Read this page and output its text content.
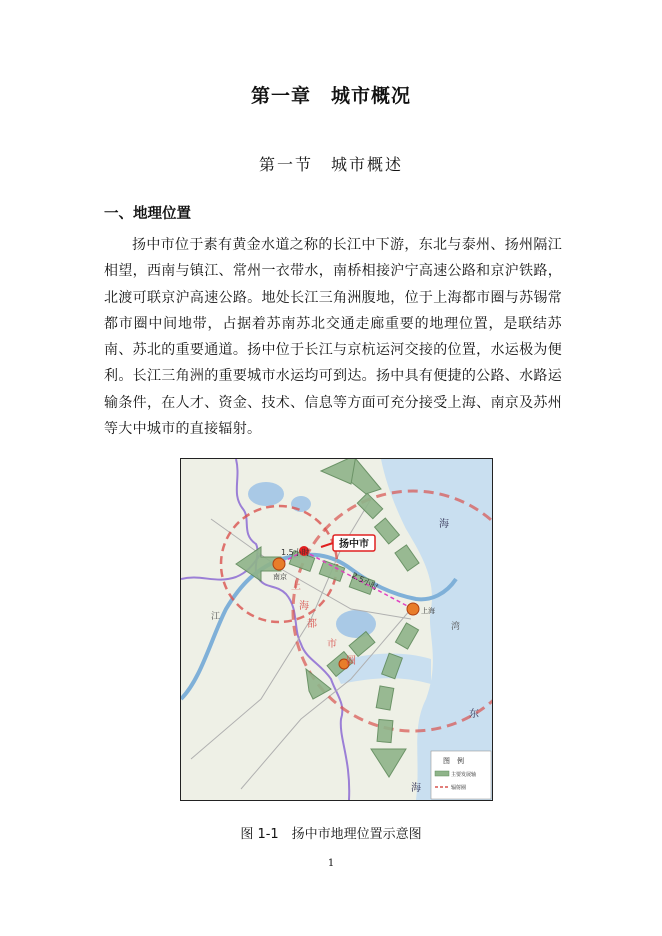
第一章　城市概况
第一节　城市概述
一、地理位置
扬中市位于素有黄金水道之称的长江中下游，东北与泰州、扬州隔江相望，西南与镇江、常州一衣带水，南桥相接沪宁高速公路和京沪铁路，北渡可联京沪高速公路。地处长江三角洲腹地，位于上海都市圈与苏锡常都市圈中间地带，占据着苏南苏北交通走廊重要的地理位置，是联结苏南、苏北的重要通道。扬中位于长江与京杭运河交接的位置，水运极为便利。长江三角洲的重要城市水运均可到达。扬中具有便捷的公路、水路运输条件，在人才、资金、技术、信息等方面可充分接受上海、南京及苏州等大中城市的直接辐射。
扬中市
1.5小时
2.5小时
南京
上海
上
海
都
市
圈
江
湾
海
东
海
图　例
主要发展轴
辐射圈
图 1-1　扬中市地理位置示意图
1
